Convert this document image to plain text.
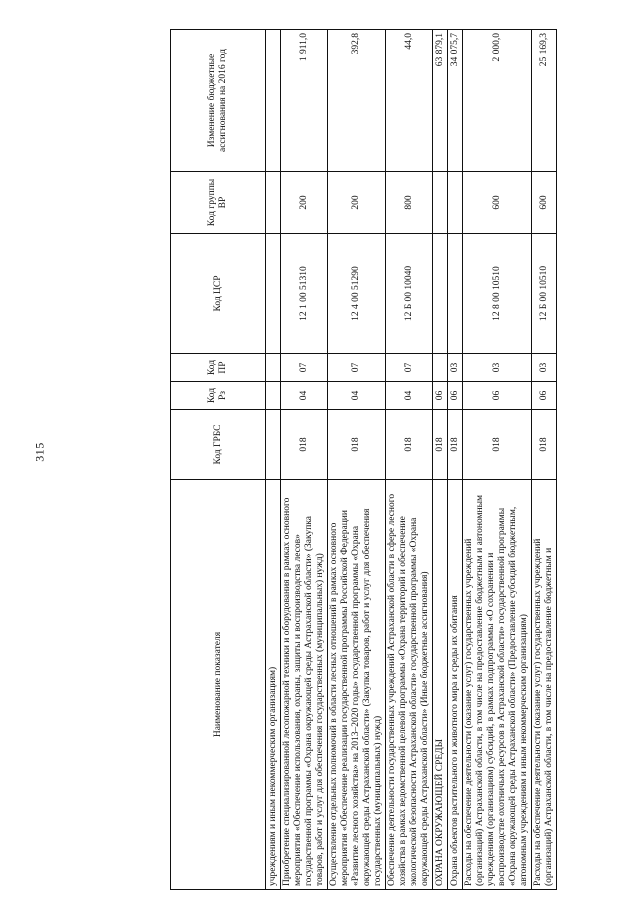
315
Наименование показателя	Код ГРБС	Код Рз	Код ПР	Код ЦСР	Код группы ВР	Изменение бюджетные ассигнования на 2016 год
учреждениям и иным некоммерческим организациям)						
Приобретение специализированной лесопожарной техники и оборудования в рамках основного мероприятия «Обеспечение использования, охраны, защиты и воспроизводства лесов» государственной программы «Охрана окружающей среды Астраханской области» (Закупка товаров, работ и услуг для обеспечения государственных (муниципальных) нужд)	018	04	07	12 1 00 51310	200	1 911,0
Осуществление отдельных полномочий в области лесных отношений в рамках основного мероприятия «Обеспечение реализации государственной программы Российской Федерации «Развитие лесного хозяйства» на 2013–2020 годы» государственной программы «Охрана окружающей среды Астраханской области» (Закупка товаров, работ и услуг для обеспечения государственных (муниципальных) нужд)	018	04	07	12 4 00 51290	200	392,8
Обеспечение деятельности государственных учреждений Астраханской области в сфере лесного хозяйства в рамках ведомственной целевой программы «Охрана территорий и обеспечение экологической безопасности Астраханской области» государственной программы «Охрана окружающей среды Астраханской области» (Иные бюджетные ассигнования)	018	04	07	12 Б 00 10040	800	44,0
ОХРАНА ОКРУЖАЮЩЕЙ СРЕДЫ	018	06				63 879,1
Охрана объектов растительного и животного мира и среды их обитания	018	06	03			34 075,7
Расходы на обеспечение деятельности (оказание услуг) государственных учреждений (организаций) Астраханской области, в том числе на предоставление бюджетным и автономным учреждениям (организациям) субсидий, в рамках подпрограммы «О сохранении и воспроизводстве охотничьих ресурсов в Астраханской области» государственной программы «Охрана окружающей среды Астраханской области» (Предоставление субсидий бюджетным, автономным учреждениям и иным некоммерческим организациям)	018	06	03	12 8 00 10510	600	2 000,0
Расходы на обеспечение деятельности (оказание услуг) государственных учреждений (организаций) Астраханской области, в том числе на предоставление бюджетным и	018	06	03	12 Б 00 10510	600	25 169,3
